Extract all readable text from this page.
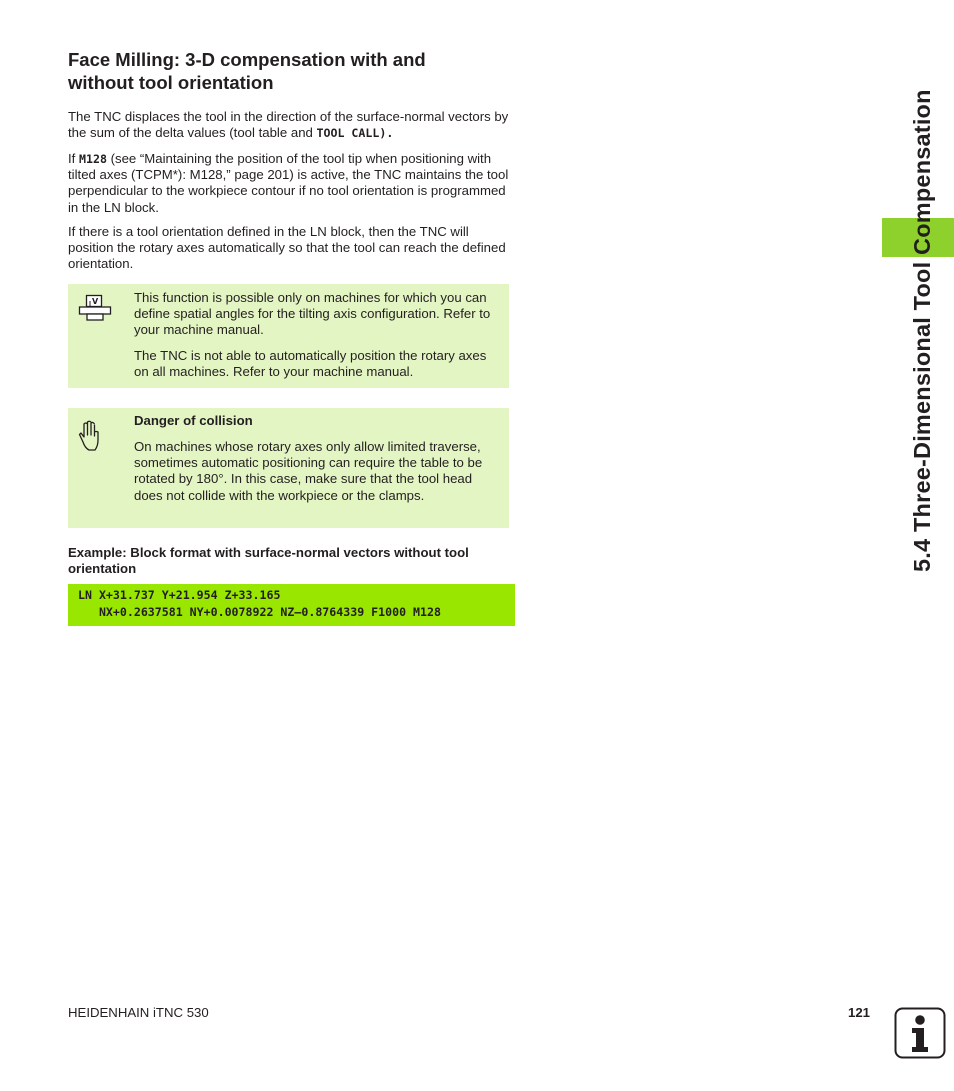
Face Milling: 3-D compensation with and
without tool orientation

The TNC displaces the tool in the direction of the surface-normal vectors by the sum of the delta values (tool table and TOOL CALL).

If M128 (see “Maintaining the position of the tool tip when positioning with tilted axes (TCPM*): M128,” page 201) is active, the TNC maintains the tool perpendicular to the workpiece contour if no tool orientation is programmed in the LN block.

If there is a tool orientation defined in the LN block, then the TNC will position the rotary axes automatically so that the tool can reach the defined orientation.

V	This function is possible only on machines for which you can define spatial angles for the tilting axis configuration. Refer to your machine manual.

The TNC is not able to automatically position the rotary axes on all machines. Refer to your machine manual.

Danger of collision

On machines whose rotary axes only allow limited traverse, sometimes automatic positioning can require the table to be rotated by 180°. In this case, make sure that the tool head does not collide with the workpiece or the clamps.

Example: Block format with surface-normal vectors without tool orientation

LN X+31.737 Y+21.954 Z+33.165
NX+0.2637581 NY+0.0078922 NZ–0.8764339 F1000 M128
5.4 Three-Dimensional Tool Compensation
HEIDENHAIN iTNC 530	121
